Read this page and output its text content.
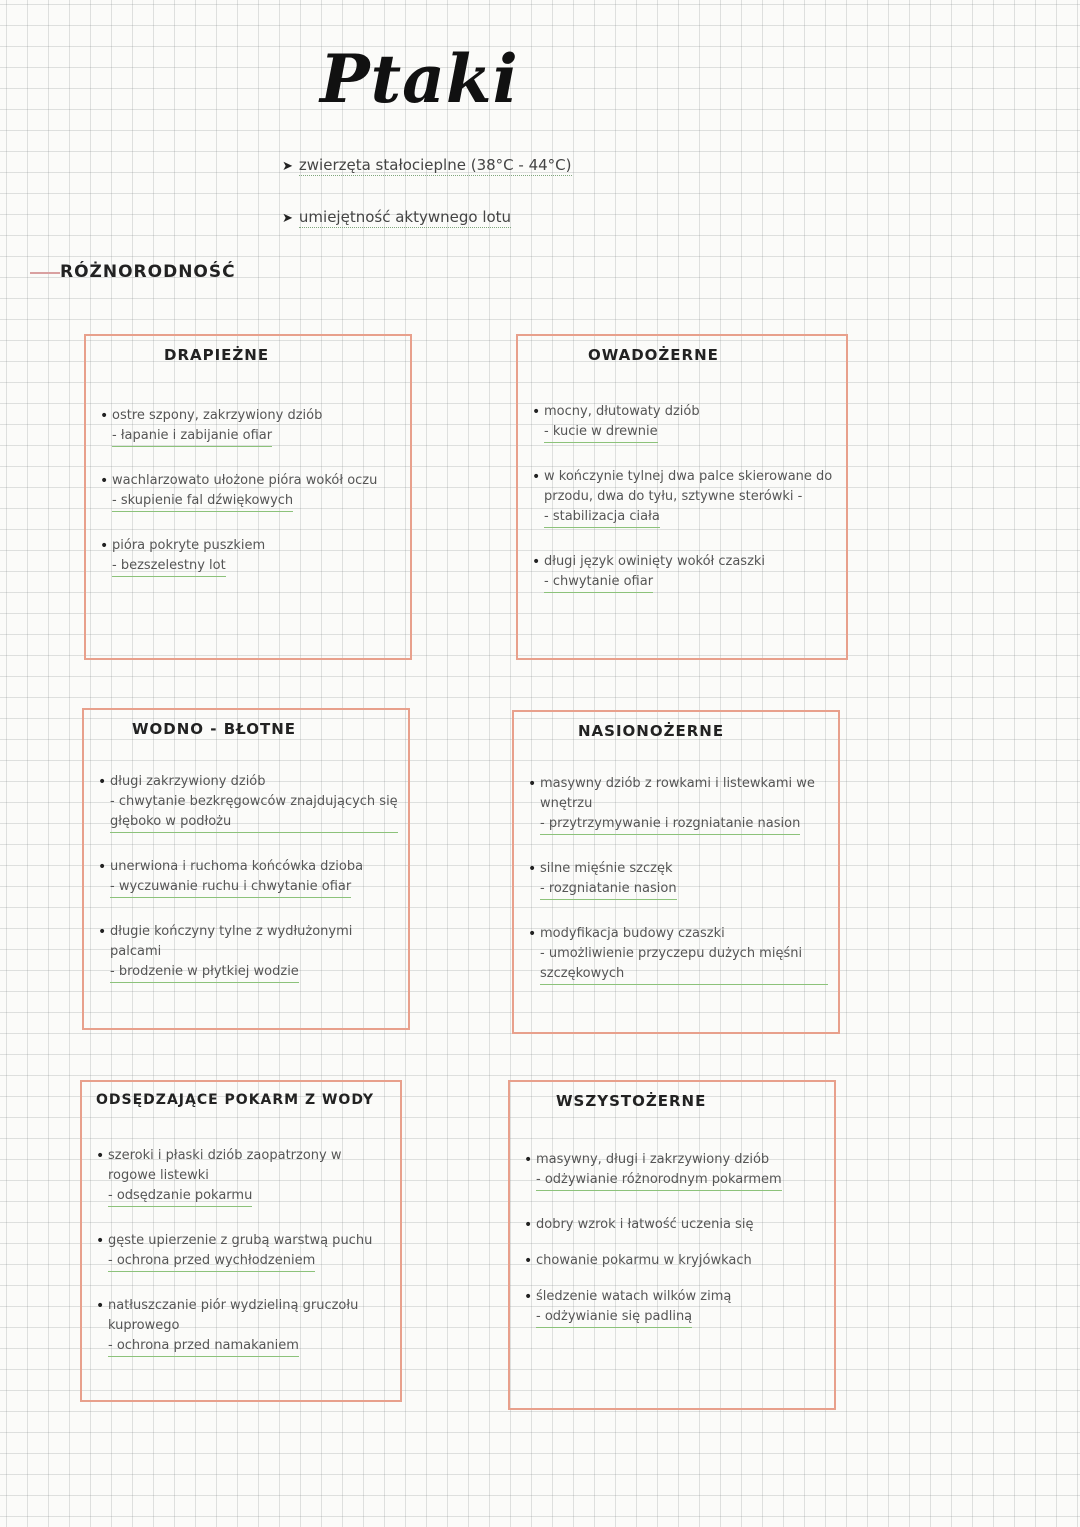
Ptaki
➤ zwierzęta stałocieplne (38°C - 44°C)
➤ umiejętność aktywnego lotu
RÓŻNORODNOŚĆ
DRAPIEŻNE
• ostre szpony, zakrzywiony dziób
- łapanie i zabijanie ofiar
• wachlarzowato ułożone pióra wokół oczu
- skupienie fal dźwiękowych
• pióra pokryte puszkiem
- bezszelestny lot
OWADOŻERNE
• mocny, dłutowaty dziób
- kucie w drewnie
• w kończynie tylnej dwa palce skierowane do przodu, dwa do tyłu, sztywne sterówki -
- stabilizacja ciała
• długi język owinięty wokół czaszki
- chwytanie ofiar
WODNO - BŁOTNE
• długi zakrzywiony dziób
- chwytanie bezkręgowców znajdujących się głęboko w podłożu
• unerwiona i ruchoma końcówka dzioba
- wyczuwanie ruchu i chwytanie ofiar
• długie kończyny tylne z wydłużonymi palcami
- brodzenie w płytkiej wodzie
NASIONOŻERNE
• masywny dziób z rowkami i listewkami we wnętrzu
- przytrzymywanie i rozgniatanie nasion
• silne mięśnie szczęk
- rozgniatanie nasion
• modyfikacja budowy czaszki
- umożliwienie przyczepu dużych mięśni szczękowych
ODSĘDZAJĄCE POKARM Z WODY
• szeroki i płaski dziób zaopatrzony w rogowe listewki
- odsędzanie pokarmu
• gęste upierzenie z grubą warstwą puchu
- ochrona przed wychłodzeniem
• natłuszczanie piór wydzieliną gruczołu kuprowego
- ochrona przed namakaniem
WSZYSTOŻERNE
• masywny, długi i zakrzywiony dziób
- odżywianie różnorodnym pokarmem
• dobry wzrok i łatwość uczenia się
• chowanie pokarmu w kryjówkach
• śledzenie watach wilków zimą
- odżywianie się padliną
